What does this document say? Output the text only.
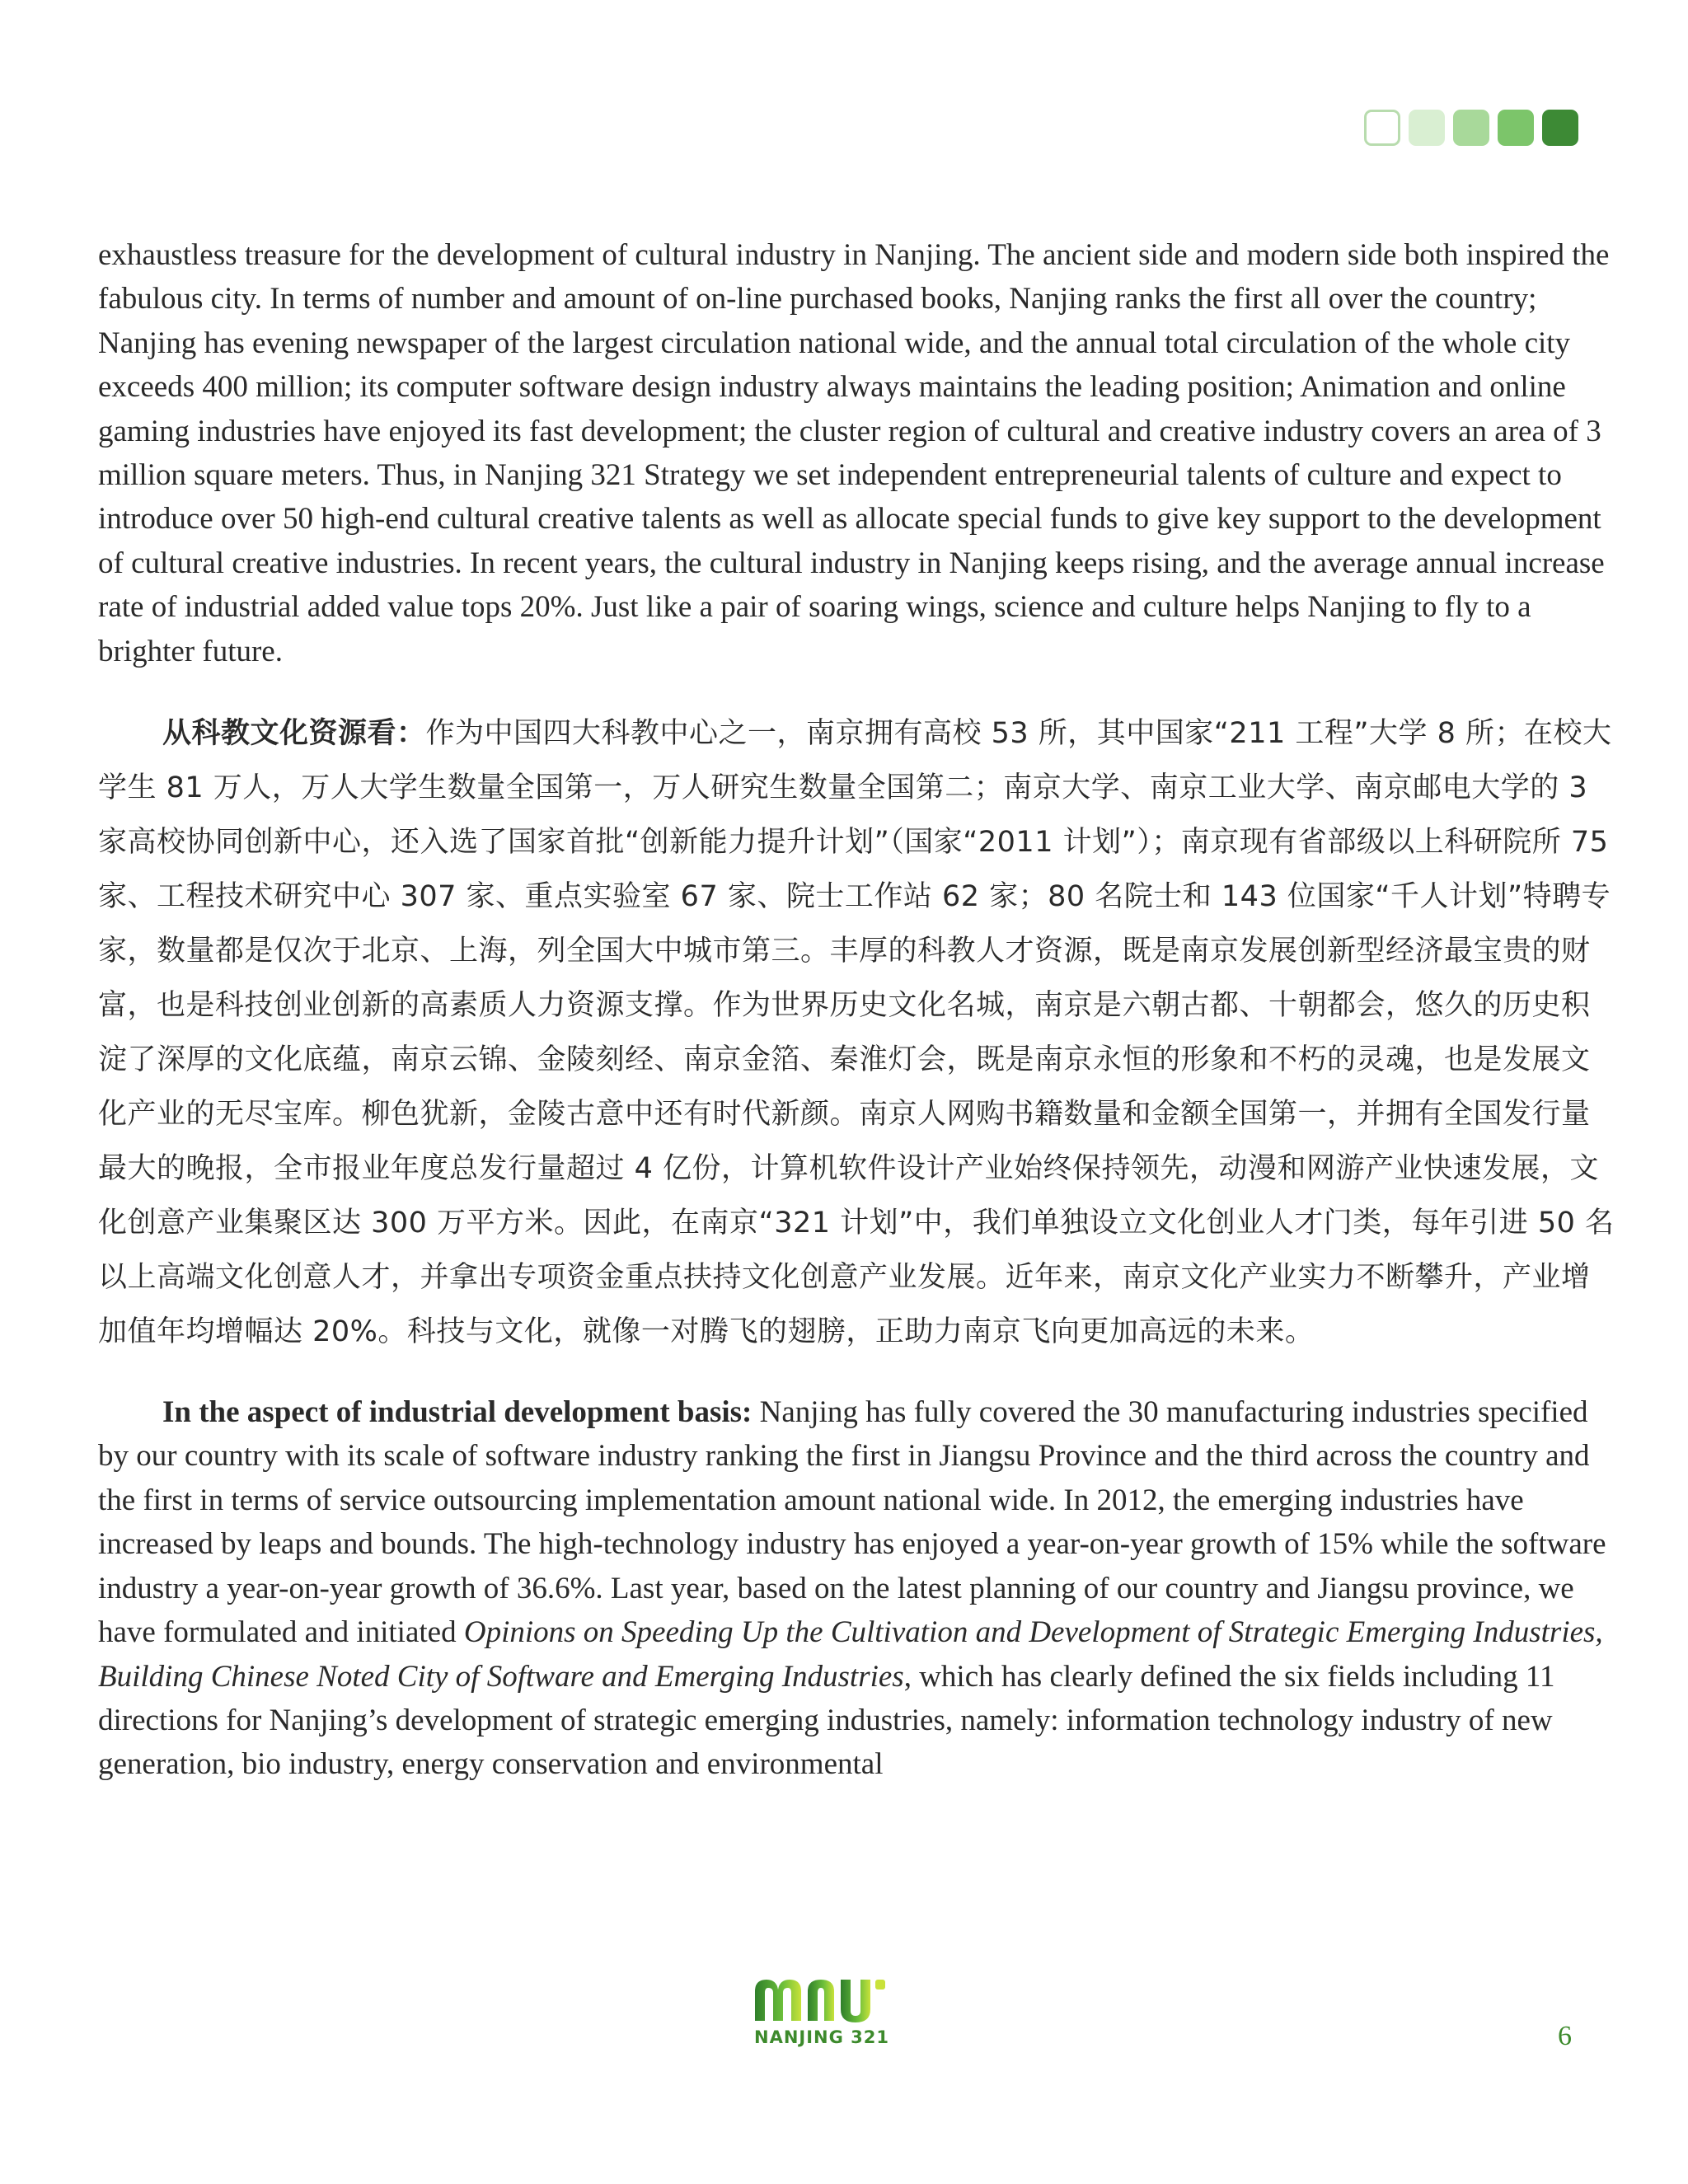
exhaustless treasure for the development of cultural industry in Nanjing. The ancient side and modern side both inspired the fabulous city. In terms of number and amount of on-line purchased books, Nanjing ranks the first all over the country; Nanjing has evening newspaper of the largest circulation national wide, and the annual total circulation of the whole city exceeds 400 million; its computer software design industry always maintains the leading position; Animation and online gaming industries have enjoyed its fast development; the cluster region of cultural and creative industry covers an area of 3 million square meters. Thus, in Nanjing 321 Strategy we set independent entrepreneurial talents of culture and expect to introduce over 50 high-end cultural creative talents as well as allocate special funds to give key support to the development of cultural creative industries. In recent years, the cultural industry in Nanjing keeps rising, and the average annual increase rate of industrial added value tops 20%. Just like a pair of soaring wings, science and culture helps Nanjing to fly to a brighter future.

从科教文化资源看：作为中国四大科教中心之一，南京拥有高校 53 所，其中国家“211 工程”大学 8 所；在校大学生 81 万人，万人大学生数量全国第一，万人研究生数量全国第二；南京大学、南京工业大学、南京邮电大学的 3 家高校协同创新中心，还入选了国家首批“创新能力提升计划”（国家“2011 计划”）；南京现有省部级以上科研院所 75 家、工程技术研究中心 307 家、重点实验室 67 家、院士工作站 62 家；80 名院士和 143 位国家“千人计划”特聘专家，数量都是仅次于北京、上海，列全国大中城市第三。丰厚的科教人才资源，既是南京发展创新型经济最宝贵的财富，也是科技创业创新的高素质人力资源支撑。作为世界历史文化名城，南京是六朝古都、十朝都会，悠久的历史积淀了深厚的文化底蕴，南京云锦、金陵刻经、南京金箔、秦淮灯会，既是南京永恒的形象和不朽的灵魂，也是发展文化产业的无尽宝库。柳色犹新，金陵古意中还有时代新颜。南京人网购书籍数量和金额全国第一，并拥有全国发行量最大的晚报，全市报业年度总发行量超过 4 亿份，计算机软件设计产业始终保持领先，动漫和网游产业快速发展，文化创意产业集聚区达 300 万平方米。因此，在南京“321 计划”中，我们单独设立文化创业人才门类，每年引进 50 名以上高端文化创意人才，并拿出专项资金重点扶持文化创意产业发展。近年来，南京文化产业实力不断攀升，产业增加值年均增幅达 20%。科技与文化，就像一对腾飞的翅膀，正助力南京飞向更加高远的未来。

In the aspect of industrial development basis: Nanjing has fully covered the 30 manufacturing industries specified by our country with its scale of software industry ranking the first in Jiangsu Province and the third across the country and the first in terms of service outsourcing implementation amount national wide. In 2012, the emerging industries have increased by leaps and bounds. The high-technology industry has enjoyed a year-on-year growth of 15% while the software industry a year-on-year growth of 36.6%. Last year, based on the latest planning of our country and Jiangsu province, we have formulated and initiated Opinions on Speeding Up the Cultivation and Development of Strategic Emerging Industries, Building Chinese Noted City of Software and Emerging Industries, which has clearly defined the six fields including 11 directions for Nanjing’s development of strategic emerging industries, namely: information technology industry of new generation, bio industry, energy conservation and environmental

NANJING 321	6
